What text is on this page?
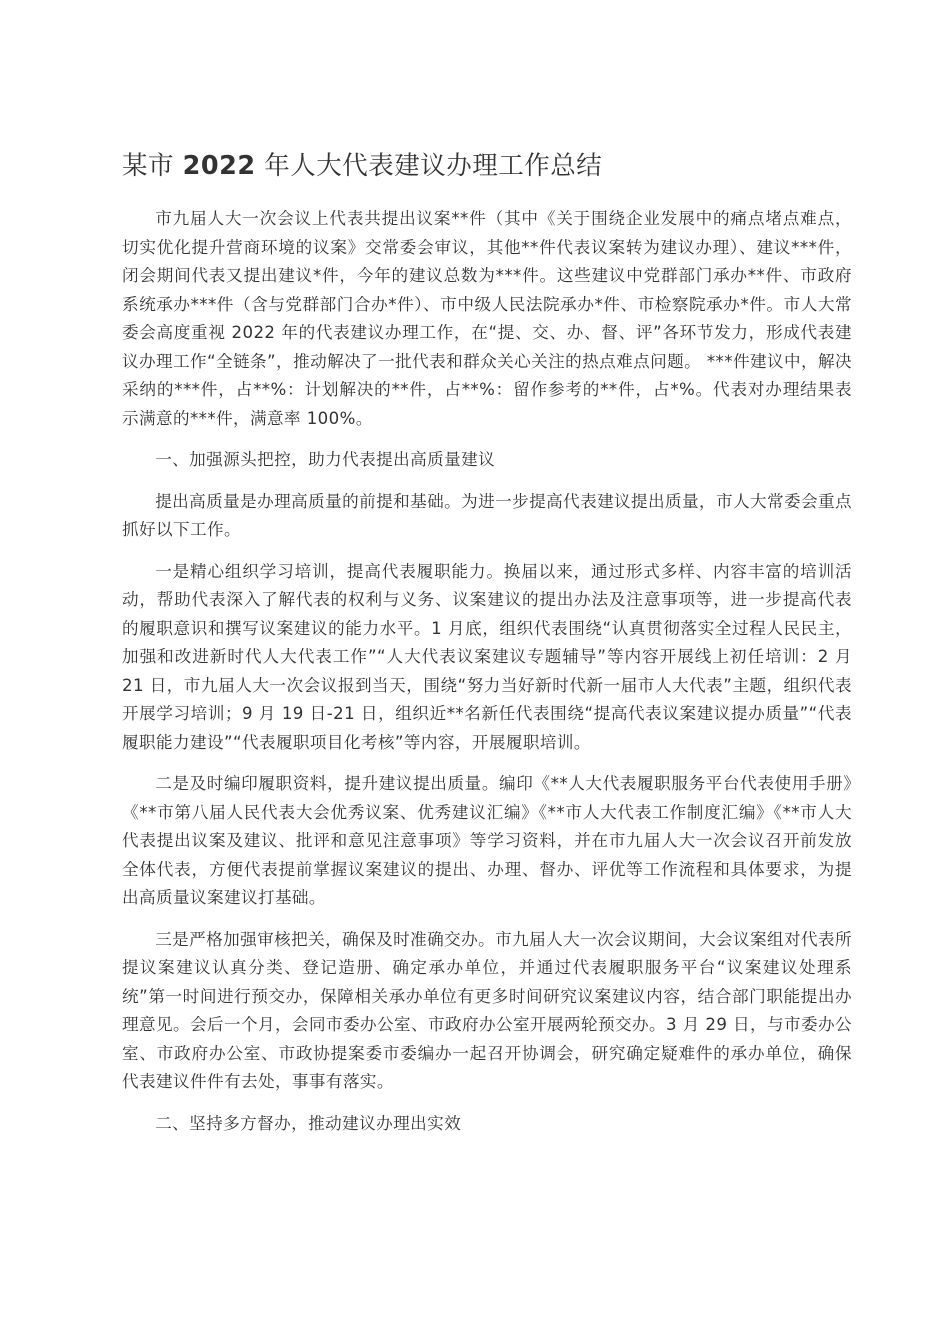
某市 2022 年人大代表建议办理工作总结

市九届人大一次会议上代表共提出议案**件（其中《关于围绕企业发展中的痛点堵点难点，切实优化提升营商环境的议案》交常委会审议，其他**件代表议案转为建议办理）、建议***件，闭会期间代表又提出建议*件，今年的建议总数为***件。这些建议中党群部门承办**件、市政府系统承办***件（含与党群部门合办*件）、市中级人民法院承办*件、市检察院承办*件。市人大常委会高度重视 2022 年的代表建议办理工作，在“提、交、办、督、评”各环节发力，形成代表建议办理工作“全链条”，推动解决了一批代表和群众关心关注的热点难点问题。 ***件建议中，解决采纳的***件，占**%：计划解决的**件，占**%：留作参考的**件，占*%。代表对办理结果表示满意的***件，满意率 100%。

一、加强源头把控，助力代表提出高质量建议

提出高质量是办理高质量的前提和基础。为进一步提高代表建议提出质量，市人大常委会重点抓好以下工作。

一是精心组织学习培训，提高代表履职能力。换届以来，通过形式多样、内容丰富的培训活动，帮助代表深入了解代表的权利与义务、议案建议的提出办法及注意事项等，进一步提高代表的履职意识和撰写议案建议的能力水平。1 月底，组织代表围绕“认真贯彻落实全过程人民民主，加强和改进新时代人大代表工作”“人大代表议案建议专题辅导”等内容开展线上初任培训：2 月 21 日，市九届人大一次会议报到当天，围绕“努力当好新时代新一届市人大代表”主题，组织代表开展学习培训；9 月 19 日-21 日，组织近**名新任代表围绕“提高代表议案建议提办质量”“代表履职能力建设”“代表履职项目化考核”等内容，开展履职培训。

二是及时编印履职资料，提升建议提出质量。编印《**人大代表履职服务平台代表使用手册》《**市第八届人民代表大会优秀议案、优秀建议汇编》《**市人大代表工作制度汇编》《**市人大代表提出议案及建议、批评和意见注意事项》等学习资料，并在市九届人大一次会议召开前发放全体代表，方便代表提前掌握议案建议的提出、办理、督办、评优等工作流程和具体要求，为提出高质量议案建议打基础。

三是严格加强审核把关，确保及时准确交办。市九届人大一次会议期间，大会议案组对代表所提议案建议认真分类、登记造册、确定承办单位，并通过代表履职服务平台“议案建议处理系统”第一时间进行预交办，保障相关承办单位有更多时间研究议案建议内容，结合部门职能提出办理意见。会后一个月，会同市委办公室、市政府办公室开展两轮预交办。3 月 29 日，与市委办公室、市政府办公室、市政协提案委市委编办一起召开协调会，研究确定疑难件的承办单位，确保代表建议件件有去处，事事有落实。

二、坚持多方督办，推动建议办理出实效
